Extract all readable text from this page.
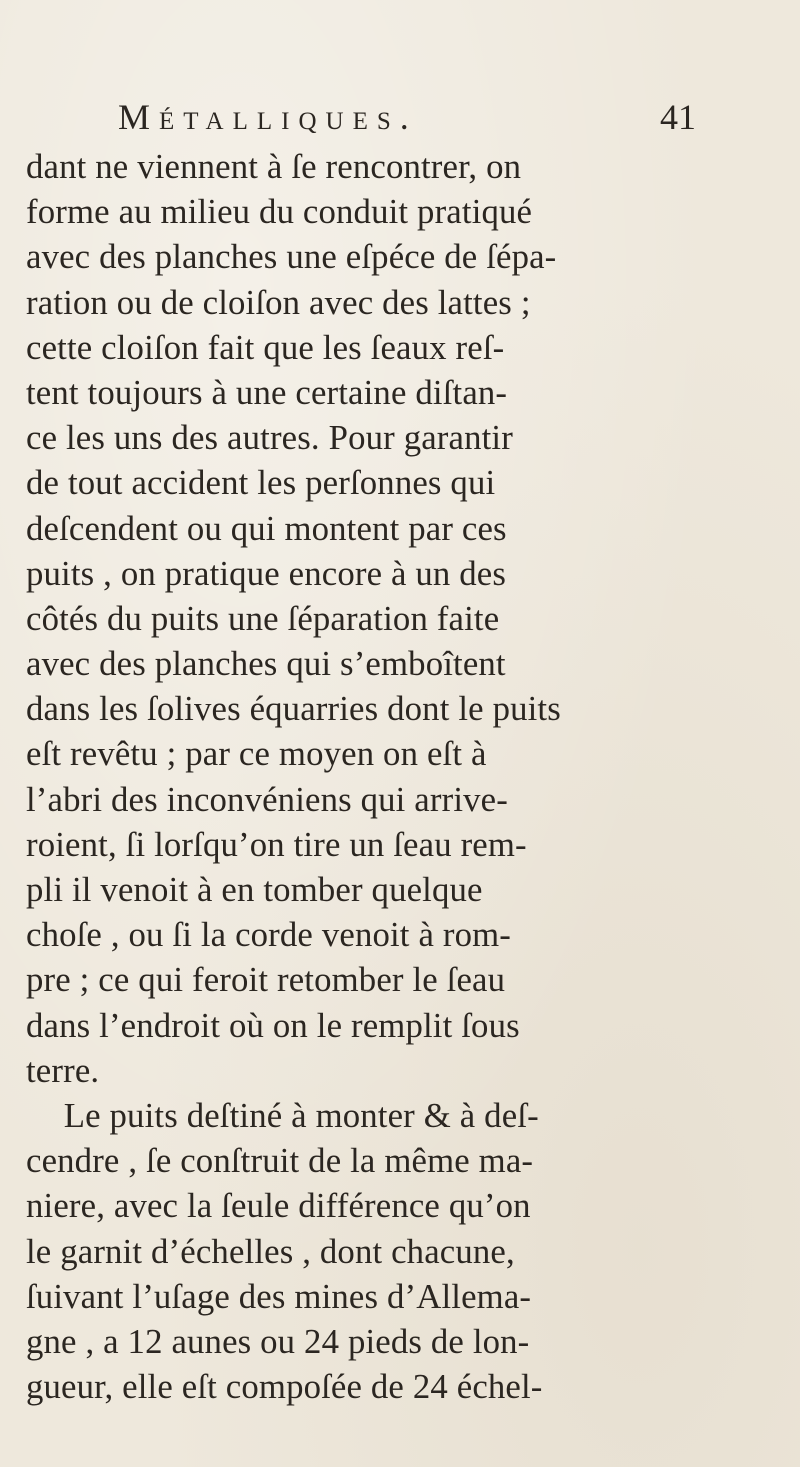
Métalliques.	41
dant ne viennent à ſe rencontrer, on
forme au milieu du conduit pratiqué
avec des planches une eſpéce de ſépa-
ration ou de cloiſon avec des lattes ;
cette cloiſon fait que les ſeaux reſ-
tent toujours à une certaine diſtan-
ce les uns des autres. Pour garantir
de tout accident les perſonnes qui
deſcendent ou qui montent par ces
puits , on pratique encore à un des
côtés du puits une ſéparation faite
avec des planches qui s’emboîtent
dans les ſolives équarries dont le puits
eſt revêtu ; par ce moyen on eſt à
l’abri des inconvéniens qui arrive-
roient, ſi lorſqu’on tire un ſeau rem-
pli il venoit à en tomber quelque
choſe , ou ſi la corde venoit à rom-
pre ; ce qui feroit retomber le ſeau
dans l’endroit où on le remplit ſous
terre.
Le puits deſtiné à monter & à deſ-
cendre , ſe conſtruit de la même ma-
niere, avec la ſeule différence qu’on
le garnit d’échelles , dont chacune,
ſuivant l’uſage des mines d’Allema-
gne , a 12 aunes ou 24 pieds de lon-
gueur, elle eſt compoſée de 24 échel-
